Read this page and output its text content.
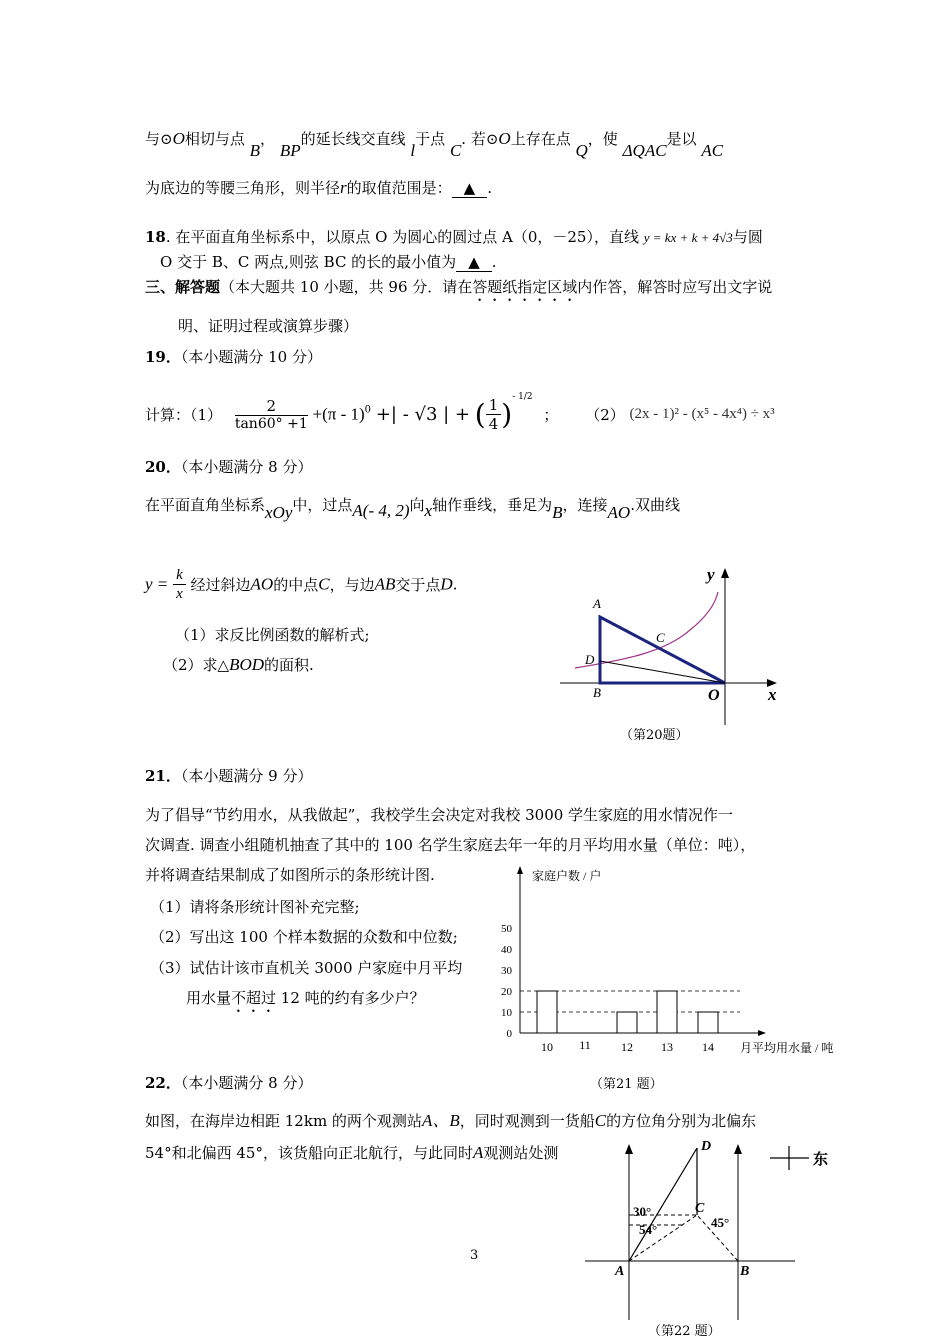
与⊙O相切与点 B， BP的延长线交直线 l于点 C. 若⊙O上存在点 Q，使 ΔQAC是以 AC
为底边的等腰三角形，则半径r的取值范围是： ▲ .
18. 在平面直角坐标系中，以原点 O 为圆心的圆过点 A（0，－25），直线 y = kx + k + 4√3与圆
O 交于 B、C 两点,则弦 BC 的长的最小值为 ▲ .
三、解答题（本大题共 10 小题，共 96 分．请在答题纸指定区域内作答，解答时应写出文字说
明、证明过程或演算步骤）
19．（本小题满分 10 分）
计算：$(1) \frac{2}{\tan 60^\circ +1} +(\pi - 1)^0$ +| - √3 | + ( $\frac{1}{4} )^{- 1/2}$ ； （2） (2x - 1)² - (x⁵ - 4x⁴) ÷ x³
20．（本小题满分 8 分）
在平面直角坐标系xOy中，过点A(- 4, 2)向x轴作垂线，垂足为B，连接AO.双曲线
$y = \frac{k}{x}$ 经过斜边AO的中点C，与边AB交于点D.
（1）求反比例函数的解析式;
（2）求△BOD的面积.
A
D
B
C
O	x
y
（第20题）
21．（本小题满分 9 分）
为了倡导“节约用水，从我做起”，我校学生会决定对我校 3000 学生家庭的用水情况作一
次调查. 调查小组随机抽查了其中的 100 名学生家庭去年一年的月平均用水量（单位：吨），
并将调查结果制成了如图所示的条形统计图.
（1）请将条形统计图补充完整;
（2）写出这 100 个样本数据的众数和中位数;
（3）试估计该市直机关 3000 户家庭中月平均
用水量不超过 12 吨的约有多少户？
家庭户数 / 户
月平均用水量 / 吨
0
10
20
30
40
50
10 11	12 13 14
（第21 题）
22．（本小题满分 8 分）
如图，在海岸边相距 12km 的两个观测站A、B，同时观测到一货船C的方位角分别为北偏东
54°和北偏西 45°，该货船向正北航行，与此同时A观测站处测	D
C
A	B
30°
54°	45°
东
（第22 题）
3
